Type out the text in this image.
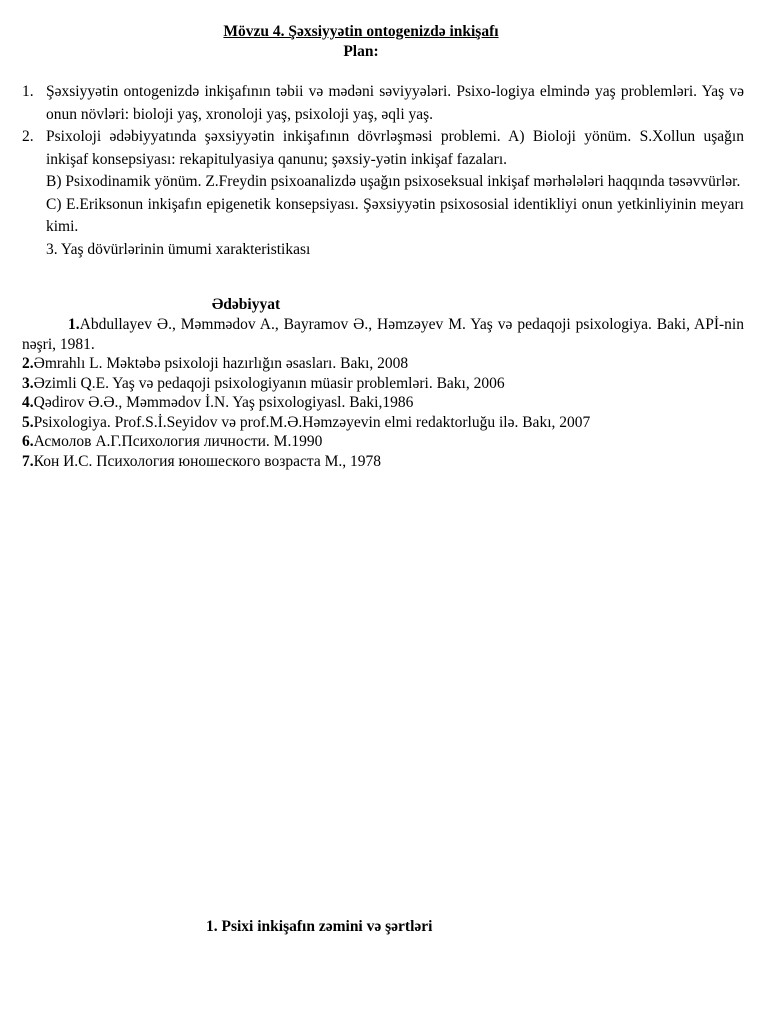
Mövzu 4. Şəxsiyyətin ontogenizdə inkişafı
Plan:
1. Şəxsiyyətin ontogenizdə inkişafının təbii və mədəni səviyyələri. Psixo-logiya elmində yaş problemləri. Yaş və onun növləri: bioloji yaş, xronoloji yaş, psixoloji yaş, əqli yaş.
2. Psixoloji ədəbiyyatında şəxsiyyətin inkişafının dövrləşməsi problemi. A) Bioloji yönüm. S.Xollun uşağın inkişaf konsepsiyası: rekapitulyasiya qanunu; şəxsiy-yətin inkişaf fazaları.
B) Psixodinamik yönüm. Z.Freydin psixoanalizdə uşağın psixoseksual inkişaf mərhələləri haqqında təsəvvürlər.
C) E.Eriksonun inkişafın epigenetik konsepsiyası. Şəxsiyyətin psixososial identikliyi onun yetkinliyinin meyarı kimi.
3. Yaş dövürlərinin ümumi xarakteristikası
Ədəbiyyat
1.Abdullayev Ə., Məmmədov A., Bayramov Ə., Həmzəyev M. Yaş və pedaqoji psixologiya. Baki, APİ-nin nəşri, 1981.
2.Əmrahlı L. Məktəbə psixoloji hazırlığın əsasları. Bakı, 2008
3.Əzimli Q.E. Yaş və pedaqoji psixologiyanın müasir problemləri. Bakı, 2006
4.Qədirov Ə.Ə., Məmmədov İ.N. Yaş psixologiyasl. Baki,1986
5.Psixologiya. Prof.S.İ.Seyidov və prof.M.Ə.Həmzəyevin elmi redaktorluğu ilə. Bakı, 2007
6.Асмолов А.Г.Психология личности. М.1990
7.Кон И.С. Психология юношеского возраста М., 1978
1. Psixi inkişafın zəmini və şərtləri
